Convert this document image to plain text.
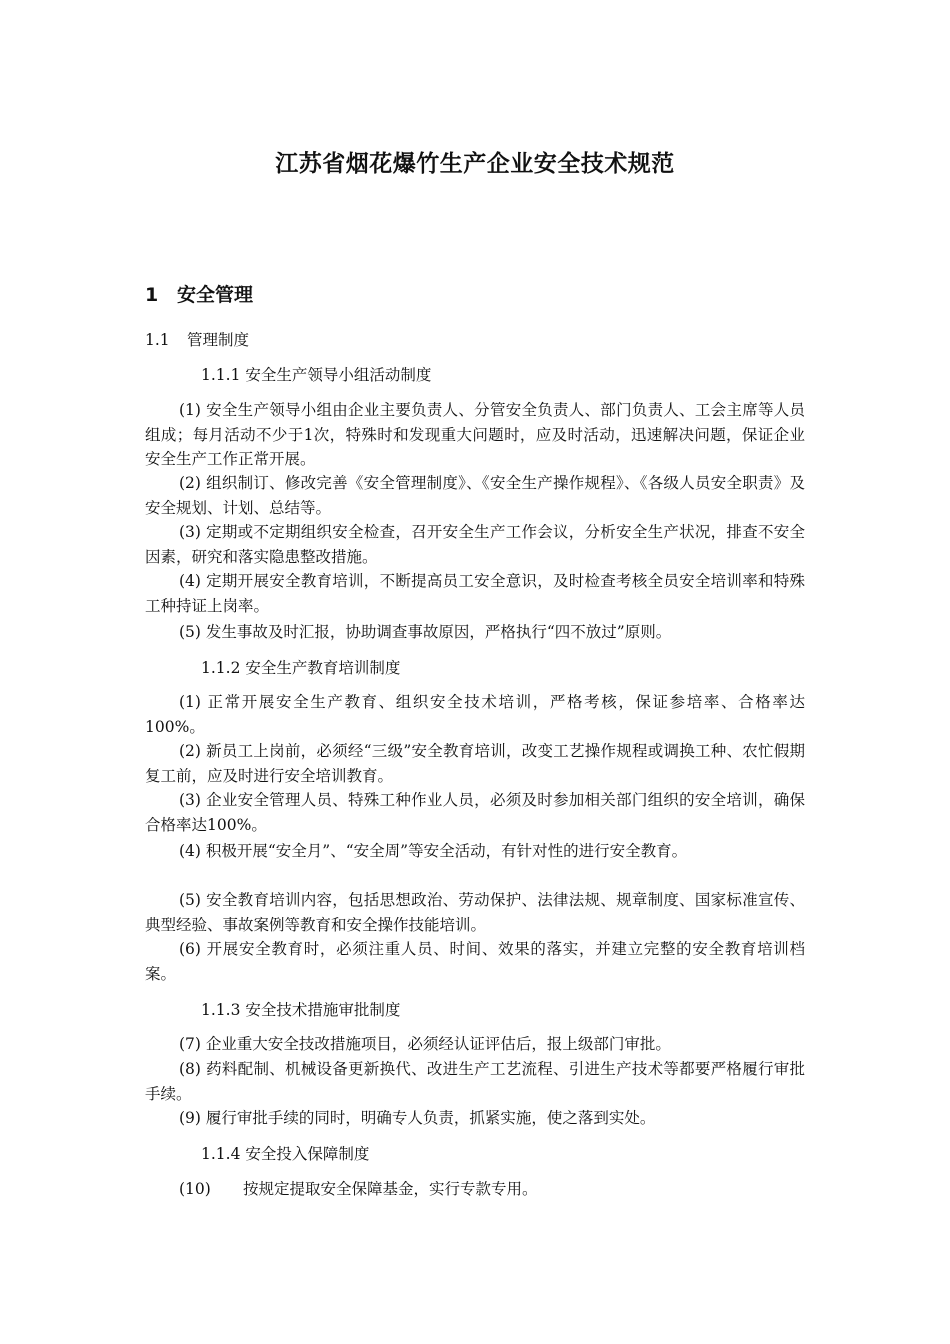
江苏省烟花爆竹生产企业安全技术规范
1 安全管理
1.1 管理制度
1.1.1 安全生产领导小组活动制度
(1) 安全生产领导小组由企业主要负责人、分管安全负责人、部门负责人、工会主席等人员组成；每月活动不少于1次，特殊时和发现重大问题时，应及时活动，迅速解决问题，保证企业安全生产工作正常开展。
(2) 组织制订、修改完善《安全管理制度》、《安全生产操作规程》、《各级人员安全职责》及安全规划、计划、总结等。
(3) 定期或不定期组织安全检查，召开安全生产工作会议，分析安全生产状况，排查不安全因素，研究和落实隐患整改措施。
(4) 定期开展安全教育培训，不断提高员工安全意识，及时检查考核全员安全培训率和特殊工种持证上岗率。
(5) 发生事故及时汇报，协助调查事故原因，严格执行“四不放过”原则。
1.1.2 安全生产教育培训制度
(1) 正常开展安全生产教育、组织安全技术培训，严格考核，保证参培率、合格率达100%。
(2) 新员工上岗前，必须经“三级”安全教育培训，改变工艺操作规程或调换工种、农忙假期复工前，应及时进行安全培训教育。
(3) 企业安全管理人员、特殊工种作业人员，必须及时参加相关部门组织的安全培训，确保合格率达100%。
(4) 积极开展“安全月”、“安全周”等安全活动，有针对性的进行安全教育。
(5) 安全教育培训内容，包括思想政治、劳动保护、法律法规、规章制度、国家标准宣传、典型经验、事故案例等教育和安全操作技能培训。
(6) 开展安全教育时，必须注重人员、时间、效果的落实，并建立完整的安全教育培训档案。
1.1.3 安全技术措施审批制度
(7) 企业重大安全技改措施项目，必须经认证评估后，报上级部门审批。
(8) 药料配制、机械设备更新换代、改进生产工艺流程、引进生产技术等都要严格履行审批手续。
(9) 履行审批手续的同时，明确专人负责，抓紧实施，使之落到实处。
1.1.4 安全投入保障制度
(10) 按规定提取安全保障基金，实行专款专用。
